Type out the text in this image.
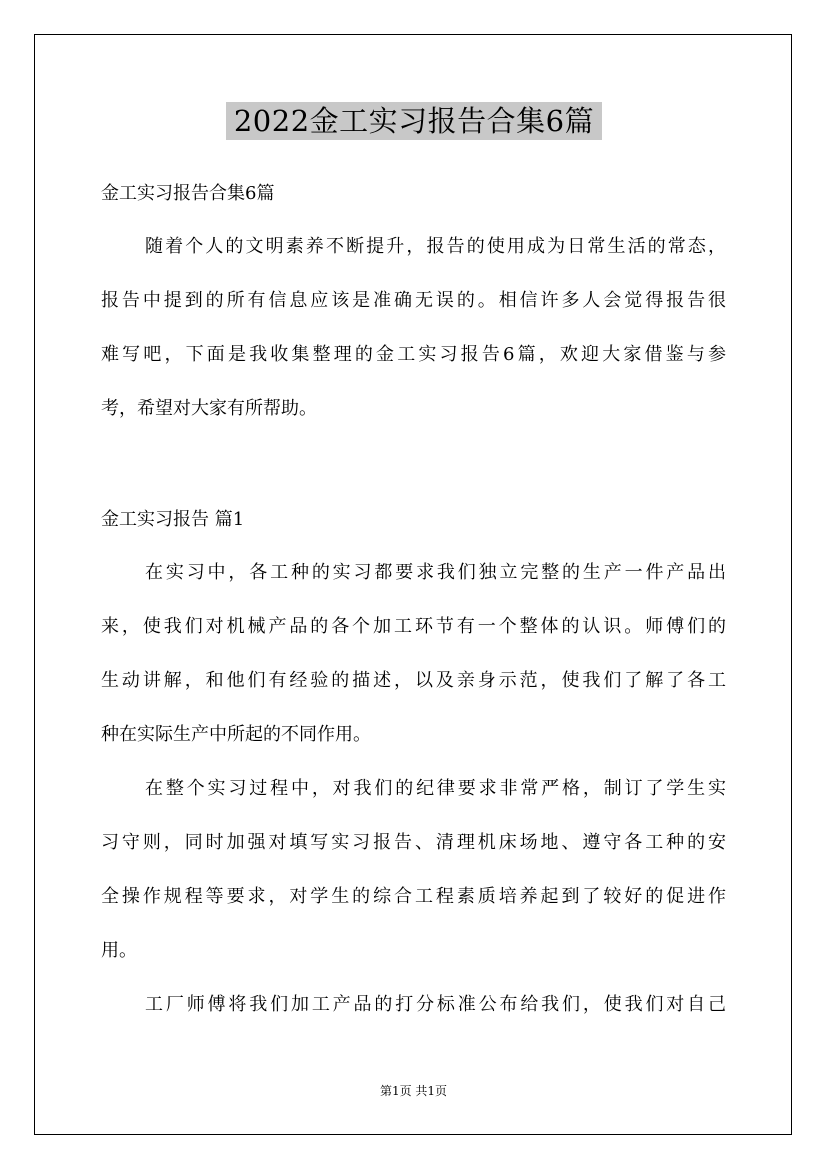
2022金工实习报告合集6篇
金工实习报告合集6篇
随着个人的文明素养不断提升，报告的使用成为日常生活的常态，
报告中提到的所有信息应该是准确无误的。相信许多人会觉得报告很
难写吧，下面是我收集整理的金工实习报告6篇，欢迎大家借鉴与参
考，希望对大家有所帮助。
金工实习报告 篇1
在实习中，各工种的实习都要求我们独立完整的生产一件产品出
来，使我们对机械产品的各个加工环节有一个整体的认识。师傅们的
生动讲解，和他们有经验的描述，以及亲身示范，使我们了解了各工
种在实际生产中所起的不同作用。
在整个实习过程中，对我们的纪律要求非常严格，制订了学生实
习守则，同时加强对填写实习报告、清理机床场地、遵守各工种的安
全操作规程等要求，对学生的综合工程素质培养起到了较好的促进作
用。
工厂师傅将我们加工产品的打分标准公布给我们，使我们对自己
第1页 共1页
